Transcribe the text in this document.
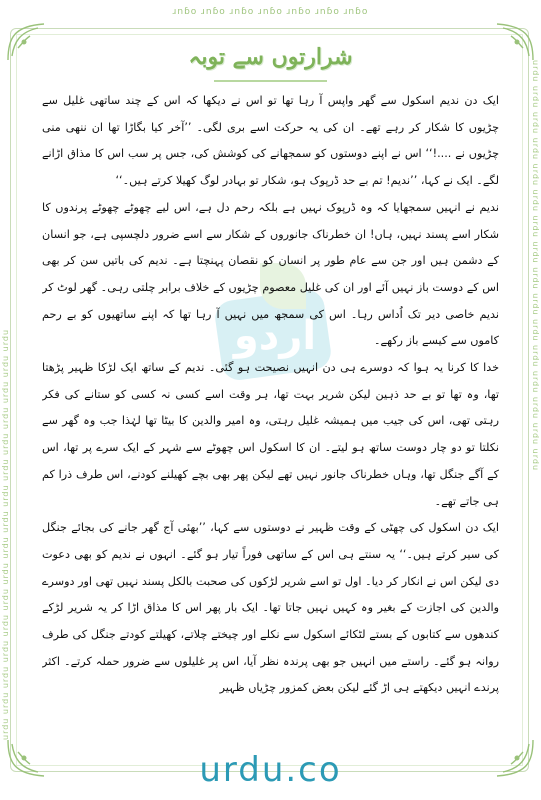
ɹnɓo ɹnɓo ɹnɓo ɹnɓo ɹnɓo ɹnɓo ɹnɓo
urdu urdu urdu urdu urdu urdu urdu urdu urdu urdu urdu urdu urdu urdu urdu urdu
urdu urdu urdu urdu urdu urdu urdu urdu urdu urdu urdu urdu urdu urdu urdu urdu
شرارتوں سے توبہ
اردو

ایک دن ندیم اسکول سے گھر واپس آ رہا تھا تو اس نے دیکھا کہ اس کے چند ساتھی غلیل سے چڑیوں کا شکار کر رہے تھے۔ ان کی یہ حرکت اسے بری لگی۔ ’’آخر کیا بگاڑا تھا ان ننھی منی چڑیوں نے ....!‘‘ اس نے اپنے دوستوں کو سمجھانے کی کوشش کی، جس پر سب اس کا مذاق اڑانے لگے۔ ایک نے کہا، ’’ندیم! تم بے حد ڈرپوک ہو، شکار تو بہادر لوگ کھیلا کرتے ہیں۔‘‘

ندیم نے انہیں سمجھایا کہ وہ ڈرپوک نہیں ہے بلکہ رحم دل ہے، اس لیے چھوٹے چھوٹے پرندوں کا شکار اسے پسند نہیں، ہاں! ان خطرناک جانوروں کے شکار سے اسے ضرور دلچسپی ہے، جو انسان کے دشمن ہیں اور جن سے عام طور پر انسان کو نقصان پہنچتا ہے۔ ندیم کی باتیں سن کر بھی اس کے دوست باز نہیں آئے اور ان کی غلیل معصوم چڑیوں کے خلاف برابر چلتی رہی۔ گھر لوٹ کر ندیم خاصی دیر تک اُداس رہا۔ اس کی سمجھ میں نہیں آ رہا تھا کہ اپنے ساتھیوں کو بے رحم کاموں سے کیسے باز رکھے۔

خدا کا کرنا یہ ہوا کہ دوسرے ہی دن انہیں نصیحت ہو گئی۔ ندیم کے ساتھ ایک لڑکا ظہیر پڑھتا تھا، وہ تھا تو بے حد ذہین لیکن شریر بہت تھا، ہر وقت اسے کسی نہ کسی کو ستانے کی فکر رہتی تھی، اس کی جیب میں ہمیشہ غلیل رہتی، وہ امیر والدین کا بیٹا تھا لہٰذا جب وہ گھر سے نکلتا تو دو چار دوست ساتھ ہو لیتے۔ ان کا اسکول اس چھوٹے سے شہر کے ایک سرے پر تھا، اس کے آگے جنگل تھا، وہاں خطرناک جانور نہیں تھے لیکن پھر بھی بچے کھیلنے کودنے، اس طرف ذرا کم ہی جاتے تھے۔

ایک دن اسکول کی چھٹی کے وقت ظہیر نے دوستوں سے کہا، ’’بھئی آج گھر جانے کی بجائے جنگل کی سیر کرتے ہیں۔‘‘ یہ سنتے ہی اس کے ساتھی فوراً تیار ہو گئے۔ انہوں نے ندیم کو بھی دعوت دی لیکن اس نے انکار کر دیا۔ اول تو اسے شریر لڑکوں کی صحبت بالکل پسند نہیں تھی اور دوسرے والدین کی اجازت کے بغیر وہ کہیں نہیں جاتا تھا۔ ایک بار پھر اس کا مذاق اڑا کر یہ شریر لڑکے کندھوں سے کتابوں کے بستے لٹکائے اسکول سے نکلے اور چیختے چلاتے، کھیلتے کودتے جنگل کی طرف روانہ ہو گئے۔ راستے میں انہیں جو بھی پرندہ نظر آیا، اس پر غلیلوں سے ضرور حملہ کرتے۔ اکثر پرندے انہیں دیکھتے ہی اڑ گئے لیکن بعض کمزور چڑیاں ظہیر

urdu.co
